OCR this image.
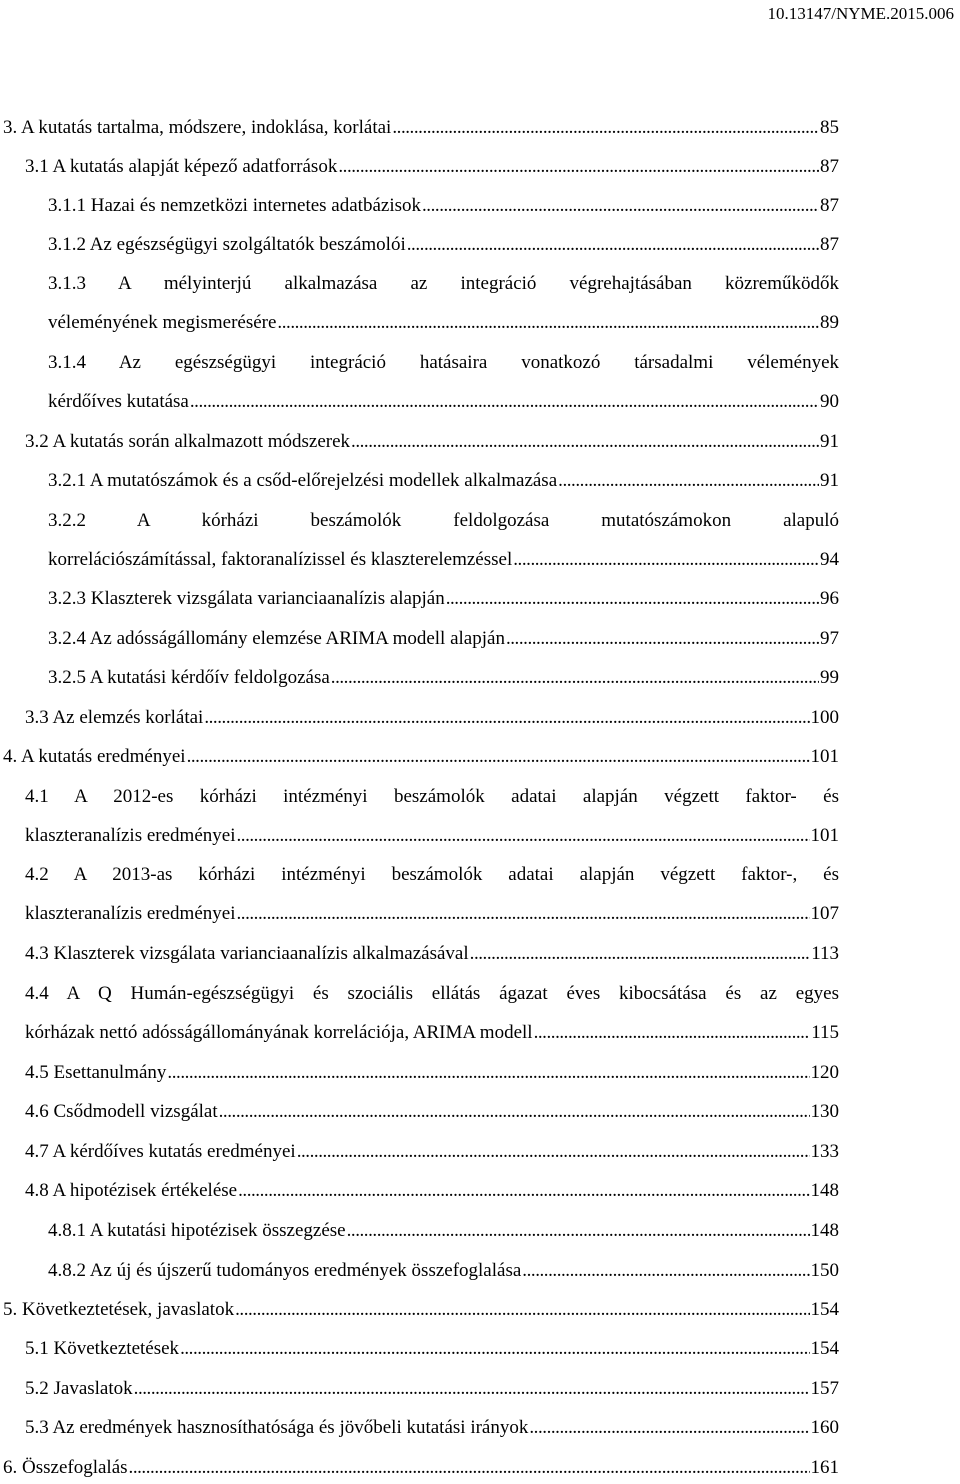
10.13147/NYME.2015.006
3. A kutatás tartalma, módszere, indoklása, korlátai . . .	85
3.1 A kutatás alapját képező adatforrások . . .	87
3.1.1 Hazai és nemzetközi internetes adatbázisok . . .	87
3.1.2 Az egészségügyi szolgáltatók beszámolói . . .	87
3.1.3 A mélyinterjú alkalmazása az integráció végrehajtásában közreműködők
véleményének megismerésére . . .	89
3.1.4 Az egészségügyi integráció hatásaira vonatkozó társadalmi vélemények
kérdőíves kutatása . . .	90
3.2 A kutatás során alkalmazott módszerek . . .	91
3.2.1 A mutatószámok és a csőd-előrejelzési modellek alkalmazása . . .	91
3.2.2 A kórházi beszámolók feldolgozása mutatószámokon alapuló
korrelációszámítással, faktoranalízissel és klaszterelemzéssel . . .	94
3.2.3 Klaszterek vizsgálata varianciaanalízis alapján . . .	96
3.2.4 Az adósságállomány elemzése ARIMA modell alapján . . .	97
3.2.5 A kutatási kérdőív feldolgozása . . .	99
3.3 Az elemzés korlátai . . .	100
4. A kutatás eredményei . . .	101
4.1 A 2012-es kórházi intézményi beszámolók adatai alapján végzett faktor- és
klaszteranalízis eredményei . . .	101
4.2 A 2013-as kórházi intézményi beszámolók adatai alapján végzett faktor-, és
klaszteranalízis eredményei . . .	107
4.3 Klaszterek vizsgálata varianciaanalízis alkalmazásával . . .	113
4.4 A Q Humán-egészségügyi és szociális ellátás ágazat éves kibocsátása és az egyes
kórházak nettó adósságállományának korrelációja, ARIMA modell . . .	115
4.5 Esettanulmány . . .	120
4.6 Csődmodell vizsgálat . . .	130
4.7 A kérdőíves kutatás eredményei . . .	133
4.8 A hipotézisek értékelése . . .	148
4.8.1 A kutatási hipotézisek összegzése . . .	148
4.8.2 Az új és újszerű tudományos eredmények összefoglalása . . .	150
5. Következtetések, javaslatok . . .	154
5.1 Következtetések . . .	154
5.2 Javaslatok . . .	157
5.3 Az eredmények hasznosíthatósága és jövőbeli kutatási irányok . . .	160
6. Összefoglalás . . .	161
